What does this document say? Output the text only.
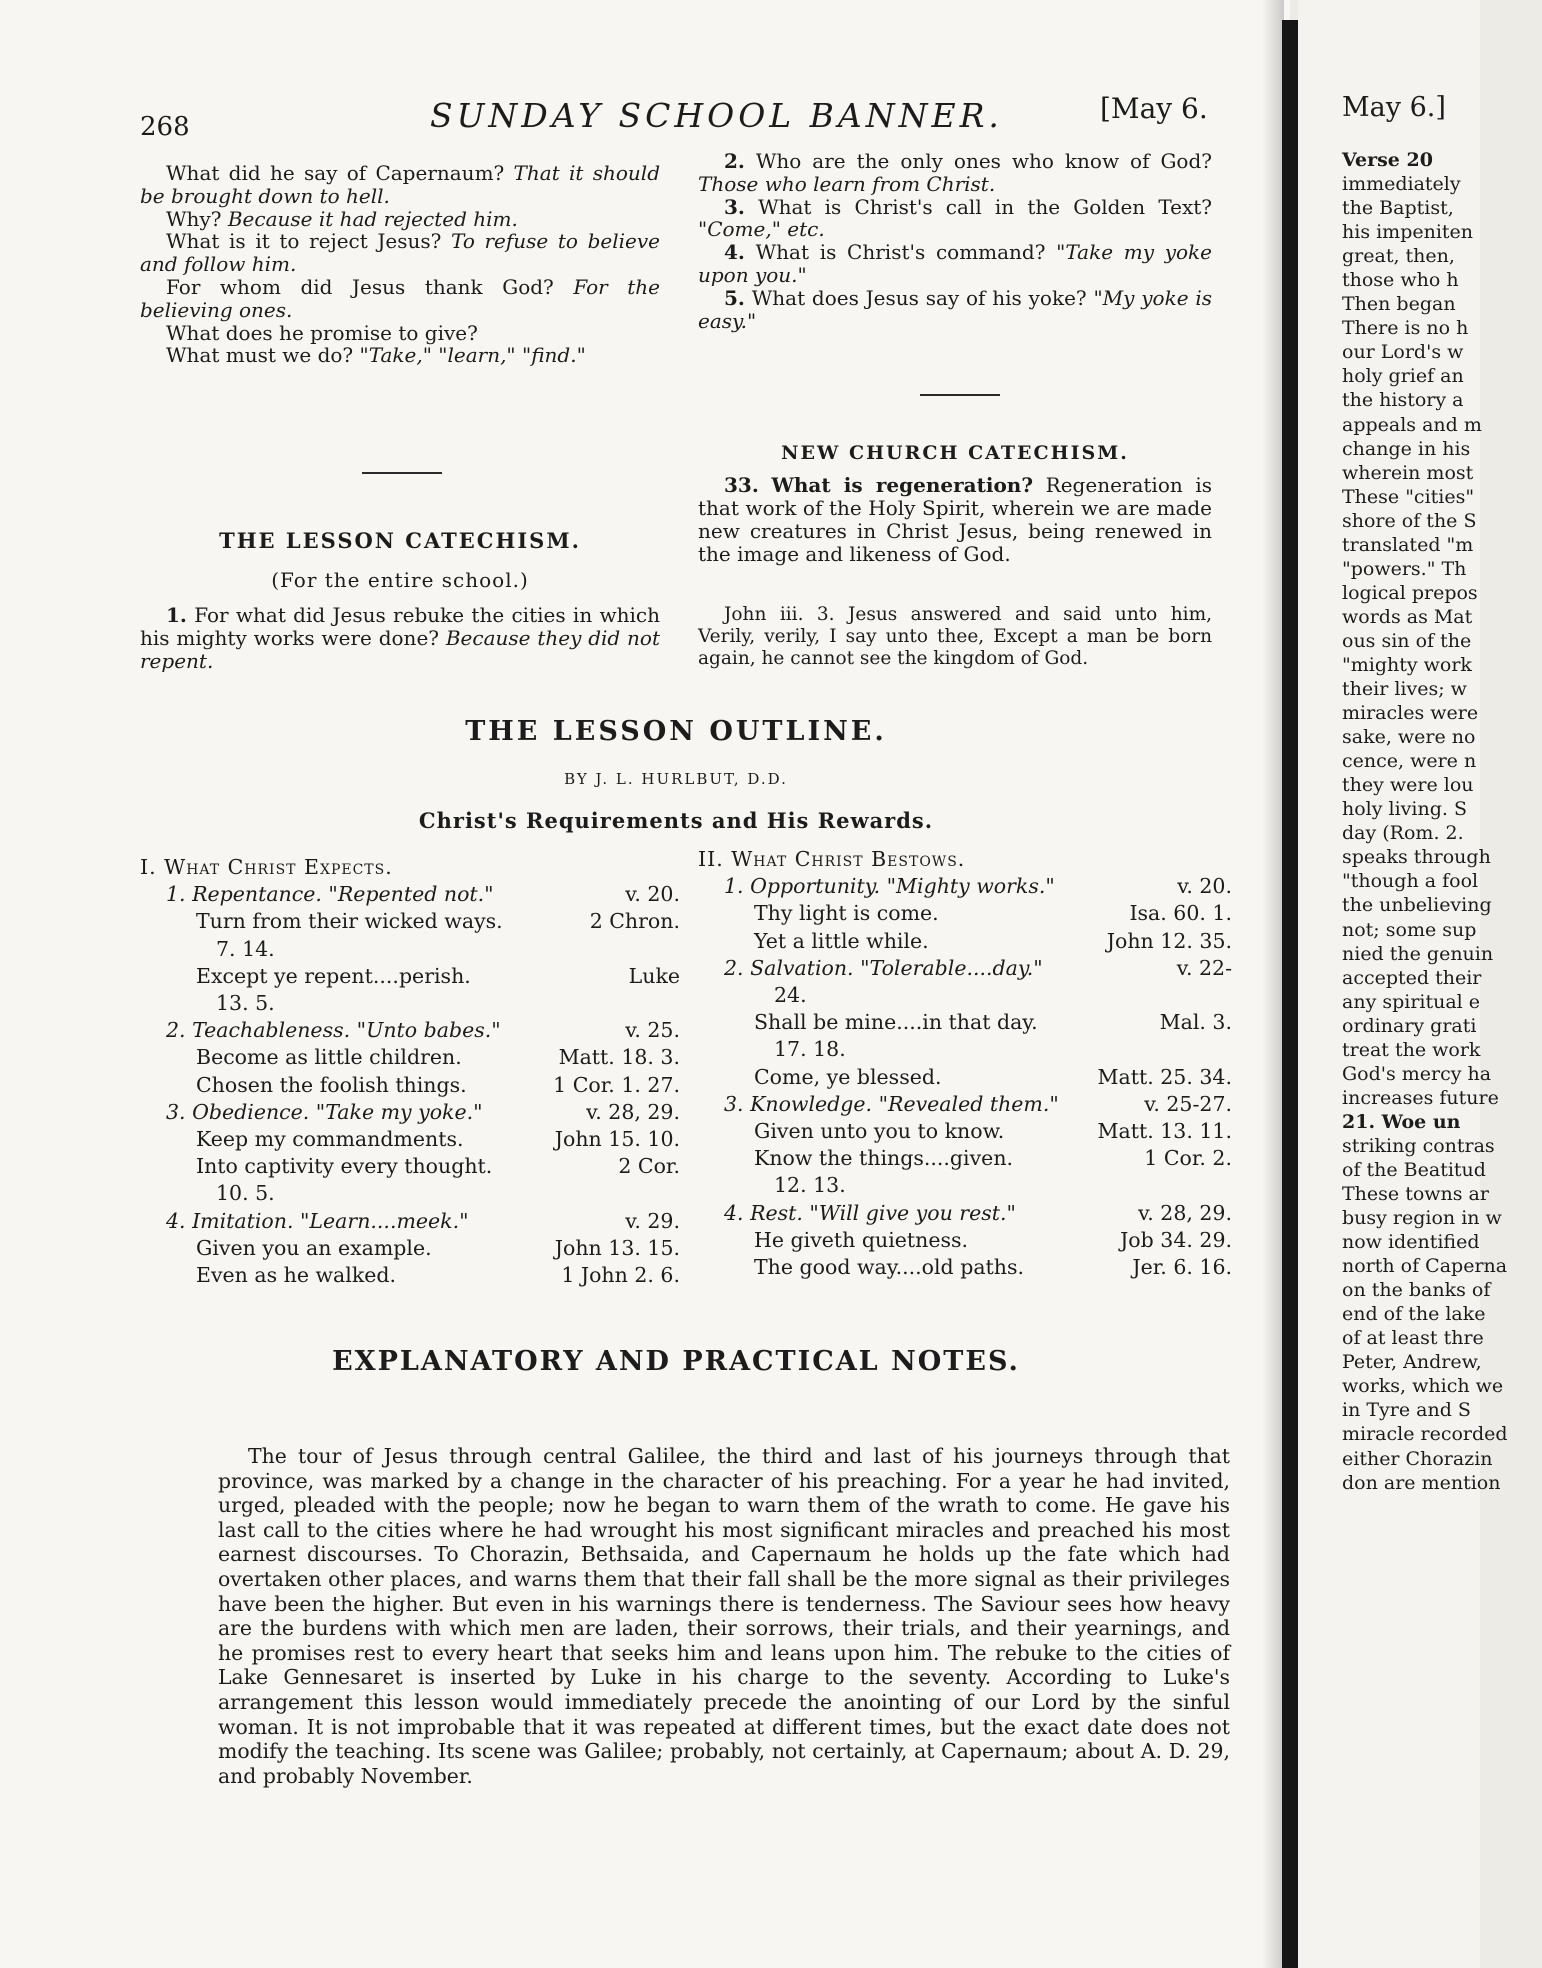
268	SUNDAY SCHOOL BANNER.	[May 6.

What did he say of Capernaum? That it should be brought down to hell.

Why? Because it had rejected him.

What is it to reject Jesus? To refuse to believe and follow him.

For whom did Jesus thank God? For the believing ones.

What does he promise to give?

What must we do? "Take," "learn," "find."

2. Who are the only ones who know of God? Those who learn from Christ.

3. What is Christ's call in the Golden Text? "Come," etc.

4. What is Christ's command? "Take my yoke upon you."

5. What does Jesus say of his yoke? "My yoke is easy."

THE LESSON CATECHISM.
(For the entire school.)
1. For what did Jesus rebuke the cities in which his mighty works were done? Because they did not repent.
NEW CHURCH CATECHISM.
33. What is regeneration? Regeneration is that work of the Holy Spirit, wherein we are made new creatures in Christ Jesus, being renewed in the image and likeness of God.
John iii. 3. Jesus answered and said unto him, Verily, verily, I say unto thee, Except a man be born again, he cannot see the kingdom of God.
THE LESSON OUTLINE.
BY J. L. HURLBUT, D.D.
Christ's Requirements and His Rewards.
I. What Christ Expects.
1. Repentance. "Repented not."	v. 20.
Turn from their wicked ways.	2 Chron.
7. 14.
Except ye repent....perish.	Luke
13. 5.
2. Teachableness. "Unto babes."	v. 25.
Become as little children.	Matt. 18. 3.
Chosen the foolish things.	1 Cor. 1. 27.
3. Obedience. "Take my yoke."	v. 28, 29.
Keep my commandments.	John 15. 10.
Into captivity every thought.	2 Cor.
10. 5.
4. Imitation. "Learn....meek."	v. 29.
Given you an example.	John 13. 15.
Even as he walked.	1 John 2. 6.
II. What Christ Bestows.
1. Opportunity. "Mighty works."	v. 20.
Thy light is come.	Isa. 60. 1.
Yet a little while.	John 12. 35.
2. Salvation. "Tolerable....day."	v. 22-
24.
Shall be mine....in that day.	Mal. 3.
17. 18.
Come, ye blessed.	Matt. 25. 34.
3. Knowledge. "Revealed them."	v. 25-27.
Given unto you to know.	Matt. 13. 11.
Know the things....given.	1 Cor. 2.
12. 13.
4. Rest. "Will give you rest."	v. 28, 29.
He giveth quietness.	Job 34. 29.
The good way....old paths.	Jer. 6. 16.
EXPLANATORY AND PRACTICAL NOTES.
The tour of Jesus through central Galilee, the third and last of his journeys through that province, was marked by a change in the character of his preaching. For a year he had invited, urged, pleaded with the people; now he began to warn them of the wrath to come. He gave his last call to the cities where he had wrought his most significant miracles and preached his most earnest discourses. To Chorazin, Bethsaida, and Capernaum he holds up the fate which had overtaken other places, and warns them that their fall shall be the more signal as their privileges have been the higher. But even in his warnings there is tenderness. The Saviour sees how heavy are the burdens with which men are laden, their sorrows, their trials, and their yearnings, and he promises rest to every heart that seeks him and leans upon him. The rebuke to the cities of Lake Gennesaret is inserted by Luke in his charge to the seventy. According to Luke's arrangement this lesson would immediately precede the anointing of our Lord by the sinful woman. It is not improbable that it was repeated at different times, but the exact date does not modify the teaching. Its scene was Galilee; probably, not certainly, at Capernaum; about A. D. 29, and probably November.
May 6.]
Verse 20
immediately
the Baptist,
his impeniten
great, then,
those who h
Then began
There is no h
our Lord's w
holy grief an
the history a
appeals and m
change in his
wherein most
These "cities"
shore of the S
translated "m
"powers." Th
logical prepos
words as Mat
ous sin of the
"mighty work
their lives; w
miracles were
sake, were no
cence, were n
they were lou
holy living. S
day (Rom. 2.
speaks through
"though a fool
the unbelieving
not; some sup
nied the genuin
accepted their
any spiritual e
ordinary grati
treat the work
God's mercy ha
increases future
21. Woe un
striking contras
of the Beatitud
These towns ar
busy region in w
now identified
north of Caperna
on the banks of
end of the lake
of at least thre
Peter, Andrew,
works, which we
in Tyre and S
miracle recorded
either Chorazin
don are mention
